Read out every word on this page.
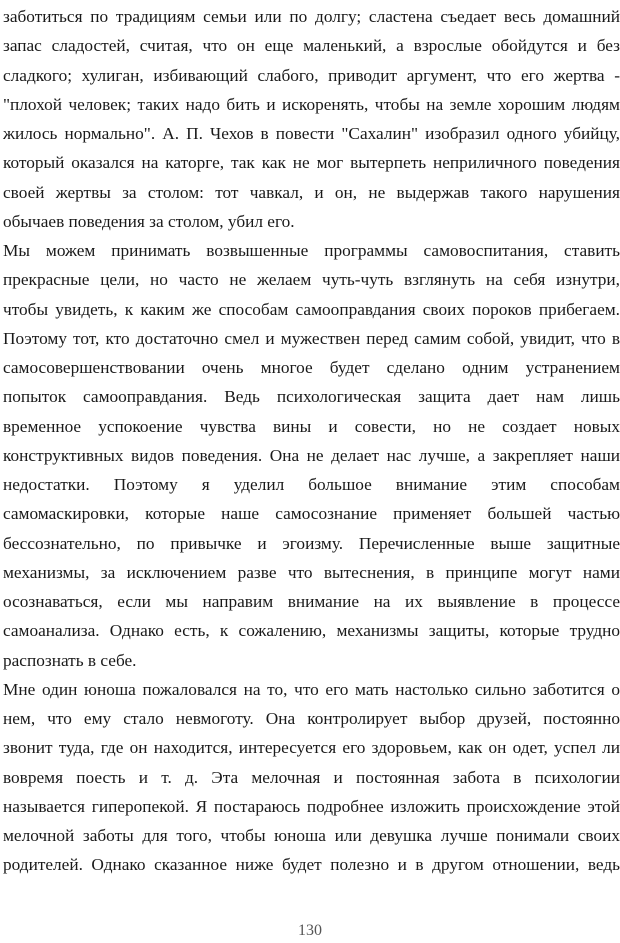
заботиться по традициям семьи или по долгу; сластена съедает весь домашний
запас сладостей, считая, что он еще маленький, а взрослые обойдутся и без
сладкого; хулиган, избивающий слабого, приводит аргумент, что его жертва -
"плохой человек; таких надо бить и искоренять, чтобы на земле хорошим людям
жилось нормально". А. П. Чехов в повести "Сахалин" изобразил одного убийцу,
который оказался на каторге, так как не мог вытерпеть неприличного поведения
своей жертвы за столом: тот чавкал, и он, не выдержав такого нарушения
обычаев поведения за столом, убил его.
Мы можем принимать возвышенные программы самовоспитания, ставить
прекрасные цели, но часто не желаем чуть-чуть взглянуть на себя изнутри,
чтобы увидеть, к каким же способам самооправдания своих пороков прибегаем.
Поэтому тот, кто достаточно смел и мужествен перед самим собой, увидит, что в
самосовершенствовании очень многое будет сделано одним устранением
попыток самооправдания. Ведь психологическая защита дает нам лишь
временное успокоение чувства вины и совести, но не создает новых
конструктивных видов поведения. Она не делает нас лучше, а закрепляет наши
недостатки. Поэтому я уделил большое внимание этим способам
самомаскировки, которые наше самосознание применяет большей частью
бессознательно, по привычке и эгоизму. Перечисленные выше защитные
механизмы, за исключением разве что вытеснения, в принципе могут нами
осознаваться, если мы направим внимание на их выявление в процессе
самоанализа. Однако есть, к сожалению, механизмы защиты, которые трудно
распознать в себе.
Мне один юноша пожаловался на то, что его мать настолько сильно заботится о
нем, что ему стало невмоготу. Она контролирует выбор друзей, постоянно
звонит туда, где он находится, интересуется его здоровьем, как он одет, успел ли
вовремя поесть и т. д. Эта мелочная и постоянная забота в психологии
называется гиперопекой. Я постараюсь подробнее изложить происхождение этой
мелочной заботы для того, чтобы юноша или девушка лучше понимали своих
родителей. Однако сказанное ниже будет полезно и в другом отношении, ведь
130
